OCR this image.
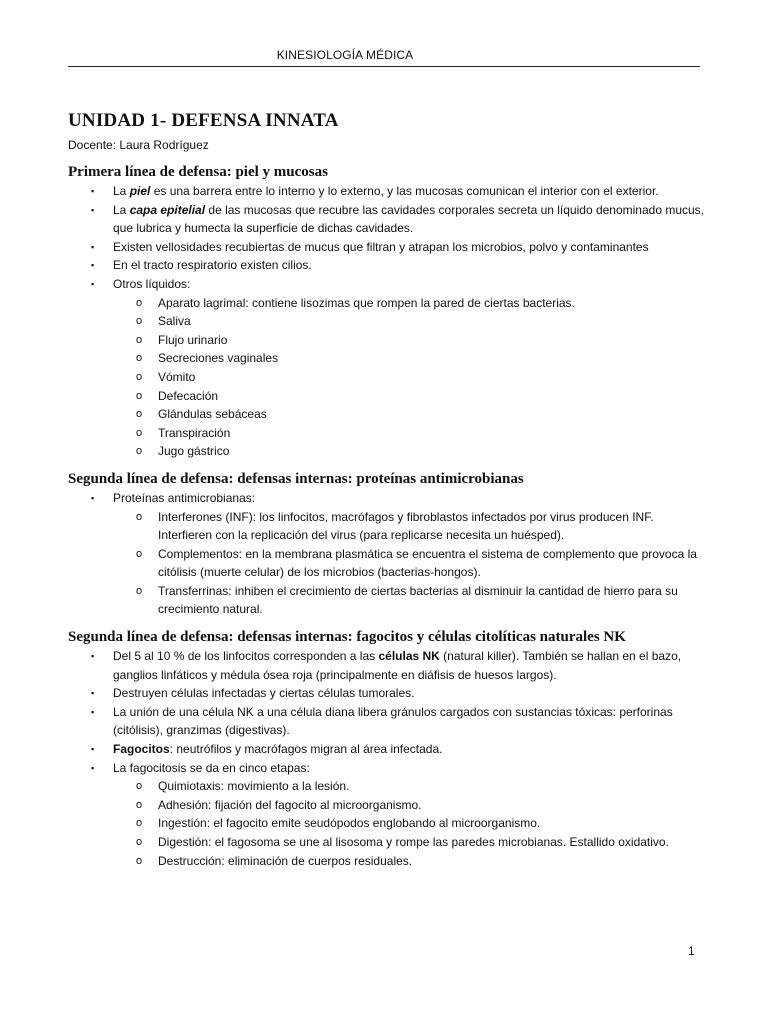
KINESIOLOGÍA MÉDICA
UNIDAD 1- DEFENSA INNATA
Docente: Laura Rodríguez
Primera línea de defensa: piel y mucosas
▪ La piel es una barrera entre lo interno y lo externo, y las mucosas comunican el interior con el exterior.
▪ La capa epitelial de las mucosas que recubre las cavidades corporales secreta un líquido denominado mucus, que lubrica y humecta la superficie de dichas cavidades.
▪ Existen vellosidades recubiertas de mucus que filtran y atrapan los microbios, polvo y contaminantes
▪ En el tracto respiratorio existen cilios.
▪ Otros líquidos:
o Aparato lagrimal: contiene lisozimas que rompen la pared de ciertas bacterias.
o Saliva
o Flujo urinario
o Secreciones vaginales
o Vómito
o Defecación
o Glándulas sebáceas
o Transpiración
o Jugo gástrico
Segunda línea de defensa: defensas internas: proteínas antimicrobianas
▪ Proteínas antimicrobianas:
o Interferones (INF): los linfocitos, macrófagos y fibroblastos infectados por virus producen INF. Interfieren con la replicación del virus (para replicarse necesita un huésped).
o Complementos: en la membrana plasmática se encuentra el sistema de complemento que provoca la citólisis (muerte celular) de los microbios (bacterias-hongos).
o Transferrinas: inhiben el crecimiento de ciertas bacterias al disminuir la cantidad de hierro para su crecimiento natural.
Segunda línea de defensa: defensas internas: fagocitos y células citolíticas naturales NK
▪ Del 5 al 10 % de los linfocitos corresponden a las células NK (natural killer). También se hallan en el bazo, ganglios linfáticos y médula ósea roja (principalmente en diáfisis de huesos largos).
▪ Destruyen células infectadas y ciertas células tumorales.
▪ La unión de una célula NK a una célula diana libera gránulos cargados con sustancias tóxicas: perforinas (citólisis), granzimas (digestivas).
▪ Fagocitos: neutrófilos y macrófagos migran al área infectada.
▪ La fagocitosis se da en cinco etapas:
o Quimiotaxis: movimiento a la lesión.
o Adhesión: fijación del fagocito al microorganismo.
o Ingestión: el fagocito emite seudópodos englobando al microorganismo.
o Digestión: el fagosoma se une al lisosoma y rompe las paredes microbianas. Estallido oxidativo.
o Destrucción: eliminación de cuerpos residuales.
1
